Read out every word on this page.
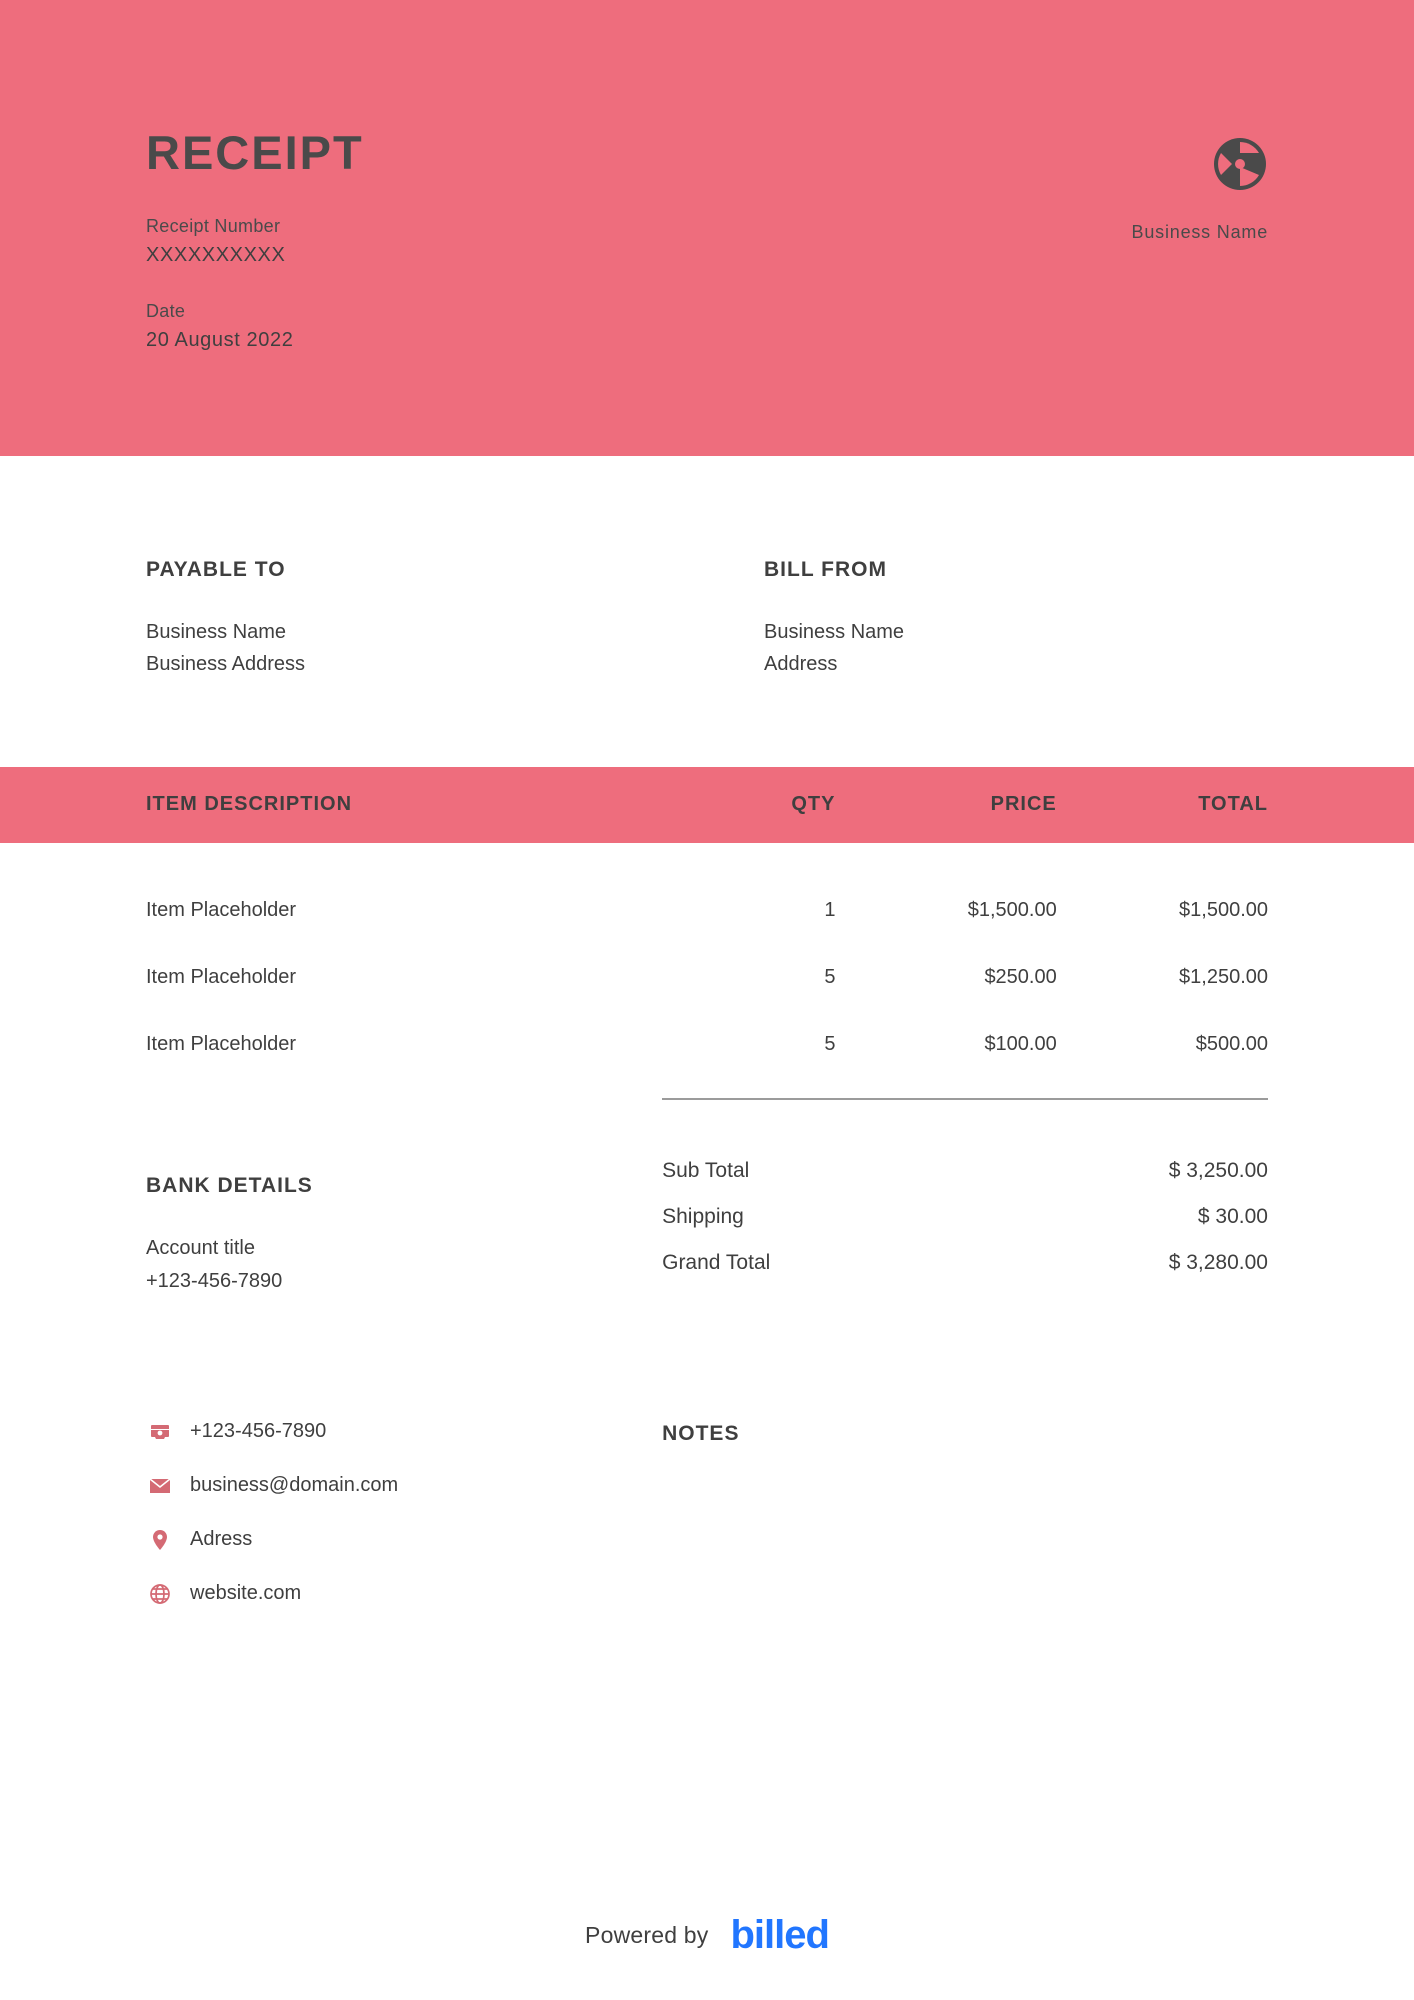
RECEIPT
Receipt Number
XXXXXXXXXX
Date
20 August 2022
Business Name
PAYABLE TO
Business Name
Business Address
BILL FROM
Business Name
Address
ITEM DESCRIPTION	QTY	PRICE	TOTAL
Item Placeholder	1	$1,500.00	$1,500.00
Item Placeholder	5	$250.00	$1,250.00
Item Placeholder	5	$100.00	$500.00
BANK DETAILS
Account title
+123-456-7890
Sub Total	$ 3,250.00
Shipping	$ 30.00
Grand Total	$ 3,280.00
+123-456-7890
business@domain.com
Adress
website.com
NOTES
Powered by billed
